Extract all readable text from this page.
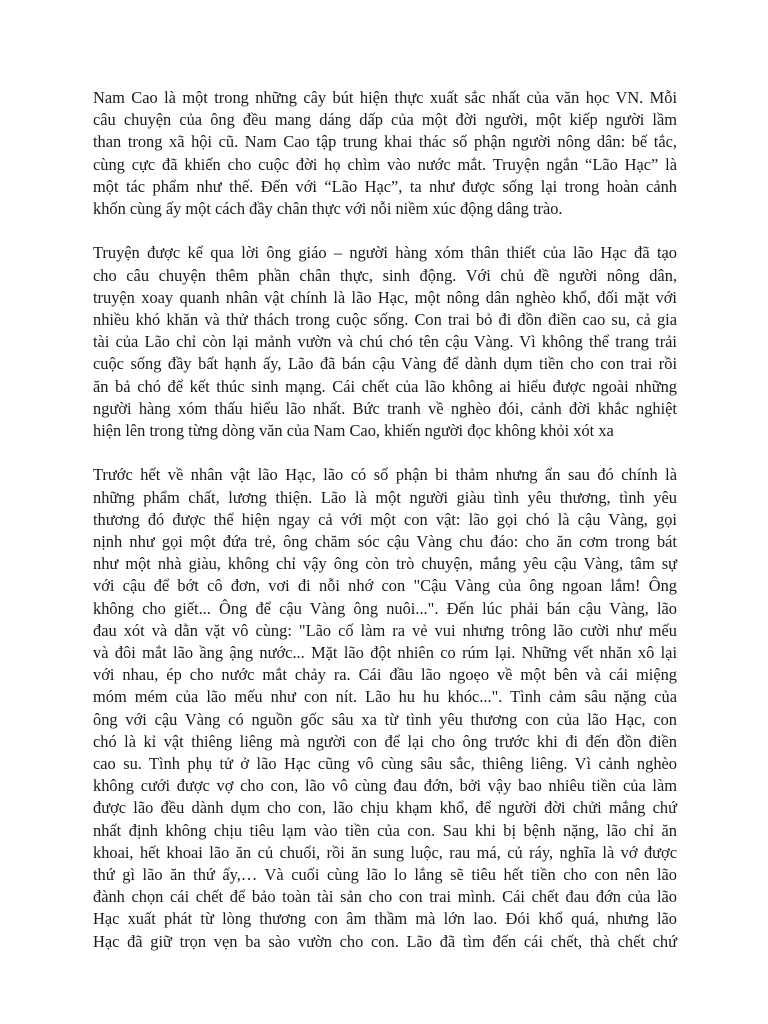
Nam Cao là một trong những cây bút hiện thực xuất sắc nhất của văn học VN. Mỗi
câu chuyện của ông đều mang dáng dấp của một đời người, một kiếp người lầm
than trong xã hội cũ. Nam Cao tập trung khai thác số phận người nông dân: bế tắc,
cùng cực đã khiến cho cuộc đời họ chìm vào nước mắt. Truyện ngắn “Lão Hạc” là
một tác phẩm như thế. Đến với “Lão Hạc”, ta như được sống lại trong hoàn cảnh
khốn cùng ấy một cách đầy chân thực với nỗi niềm xúc động dâng trào.
Truyện được kể qua lời ông giáo – người hàng xóm thân thiết của lão Hạc đã tạo
cho câu chuyện thêm phần chân thực, sinh động. Với chủ đề người nông dân,
truyện xoay quanh nhân vật chính là lão Hạc, một nông dân nghèo khổ, đối mặt với
nhiều khó khăn và thử thách trong cuộc sống. Con trai bỏ đi đồn điền cao su, cả gia
tài của Lão chỉ còn lại mảnh vườn và chú chó tên cậu Vàng. Vì không thể trang trải
cuộc sống đầy bất hạnh ấy, Lão đã bán cậu Vàng để dành dụm tiền cho con trai rồi
ăn bả chó để kết thúc sinh mạng. Cái chết của lão không ai hiểu được ngoài những
người hàng xóm thấu hiểu lão nhất. Bức tranh về nghèo đói, cảnh đời khắc nghiệt
hiện lên trong từng dòng văn của Nam Cao, khiến người đọc không khỏi xót xa
Trước hết về nhân vật lão Hạc, lão có số phận bi thảm nhưng ẩn sau đó chính là
những phẩm chất, lương thiện. Lão là một người giàu tình yêu thương, tình yêu
thương đó được thể hiện ngay cả với một con vật: lão gọi chó là cậu Vàng, gọi
nịnh như gọi một đứa trẻ, ông chăm sóc cậu Vàng chu đáo: cho ăn cơm trong bát
như một nhà giàu, không chỉ vậy ông còn trò chuyện, mắng yêu cậu Vàng, tâm sự
với cậu để bớt cô đơn, vơi đi nỗi nhớ con "Cậu Vàng của ông ngoan lắm! Ông
không cho giết... Ông để cậu Vàng ông nuôi...". Đến lúc phải bán cậu Vàng, lão
đau xót và dằn vặt vô cùng: "Lão cố làm ra vẻ vui nhưng trông lão cười như mếu
và đôi mắt lão ầng ậng nước... Mặt lão đột nhiên co rúm lại. Những vết nhăn xô lại
với nhau, ép cho nước mắt chảy ra. Cái đầu lão ngoẹo về một bên và cái miệng
móm mém của lão mếu như con nít. Lão hu hu khóc...". Tình cảm sâu nặng của
ông với cậu Vàng có nguồn gốc sâu xa từ tình yêu thương con của lão Hạc, con
chó là kỉ vật thiêng liêng mà người con để lại cho ông trước khi đi đến đồn điền
cao su. Tình phụ tử ở lão Hạc cũng vô cùng sâu sắc, thiêng liêng. Vì cảnh nghèo
không cưới được vợ cho con, lão vô cùng đau đớn, bởi vậy bao nhiêu tiền của làm
được lão đều dành dụm cho con, lão chịu khạm khổ, để người đời chửi mắng chứ
nhất định không chịu tiêu lạm vào tiền của con. Sau khi bị bệnh nặng, lão chỉ ăn
khoai, hết khoai lão ăn củ chuối, rồi ăn sung luộc, rau má, củ ráy, nghĩa là vớ được
thứ gì lão ăn thứ ấy,… Và cuối cùng lão lo lắng sẽ tiêu hết tiền cho con nên lão
đành chọn cái chết để bảo toàn tài sản cho con trai mình. Cái chết đau đớn của lão
Hạc xuất phát từ lòng thương con âm thầm mà lớn lao. Đói khổ quá, nhưng lão
Hạc đã giữ trọn vẹn ba sào vườn cho con. Lão đã tìm đến cái chết, thà chết chứ
